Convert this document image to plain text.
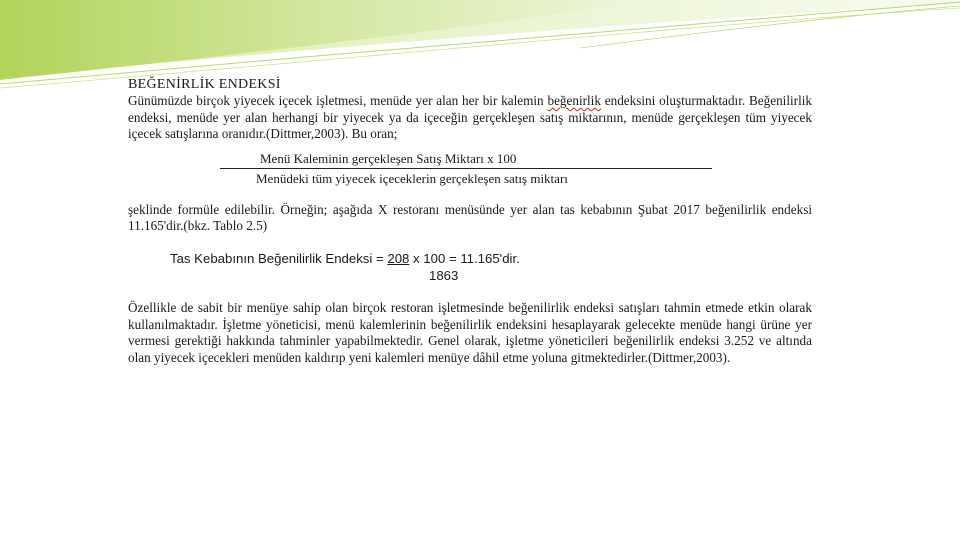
BEĞENİRLİK ENDEKSİ

Günümüzde birçok yiyecek içecek işletmesi, menüde yer alan her bir kalemin beğenirlik endeksini oluşturmaktadır. Beğenilirlik endeksi, menüde yer alan herhangi bir yiyecek ya da içeceğin gerçekleşen satış miktarının, menüde gerçekleşen tüm yiyecek içecek satışlarına oranıdır.(Dittmer,2003). Bu oran;

Menü Kaleminin gerçekleşen Satış Miktarı x 100
Menüdeki tüm yiyecek içeceklerin gerçekleşen satış miktarı

şeklinde formüle edilebilir. Örneğin; aşağıda X restoranı menüsünde yer alan tas kebabının Şubat 2017 beğenilirlik endeksi 11.165'dir.(bkz. Tablo 2.5)

Tas Kebabının Beğenilirlik Endeksi = 208 x 100 = 11.165'dir.
1863

Özellikle de sabit bir menüye sahip olan birçok restoran işletmesinde beğenilirlik endeksi satışları tahmin etmede etkin olarak kullanılmaktadır. İşletme yöneticisi, menü kalemlerinin beğenilirlik endeksini hesaplayarak gelecekte menüde hangi ürüne yer vermesi gerektiği hakkında tahminler yapabilmektedir. Genel olarak, işletme yöneticileri beğenilirlik endeksi 3.252 ve altında olan yiyecek içecekleri menüden kaldırıp yeni kalemleri menüye dâhil etme yoluna gitmektedirler.(Dittmer,2003).
